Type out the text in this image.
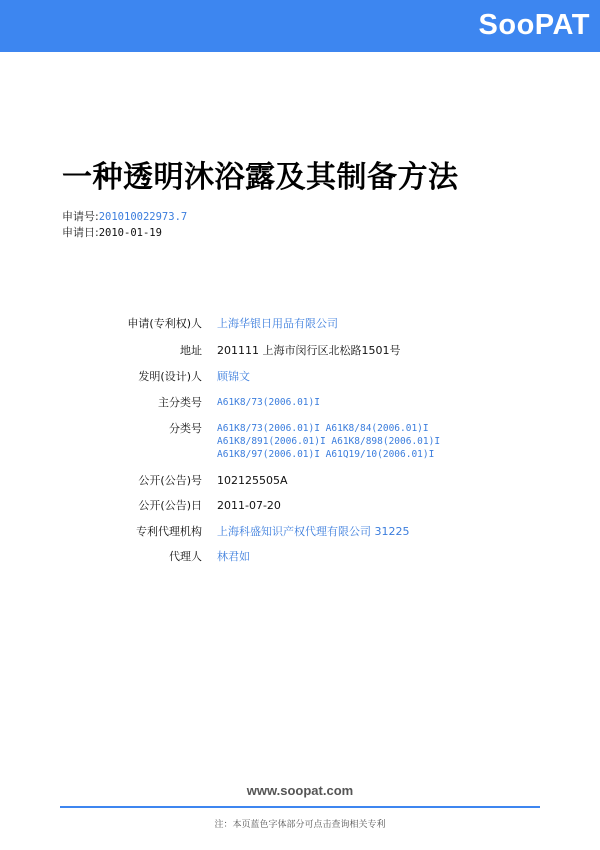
SooPAT
一种透明沐浴露及其制备方法
申请号:201010022973.7
申请日:2010-01-19
申请(专利权)人 上海华银日用品有限公司
地址 201111 上海市闵行区北松路1501号
发明(设计)人 顾锦文
主分类号 A61K8/73(2006.01)I
分类号 A61K8/73(2006.01)I A61K8/84(2006.01)I
A61K8/891(2006.01)I A61K8/898(2006.01)I
A61K8/97(2006.01)I A61Q19/10(2006.01)I
公开(公告)号 102125505A
公开(公告)日 2011-07-20
专利代理机构 上海科盛知识产权代理有限公司 31225
代理人 林君如
www.soopat.com
注：本页蓝色字体部分可点击查询相关专利
